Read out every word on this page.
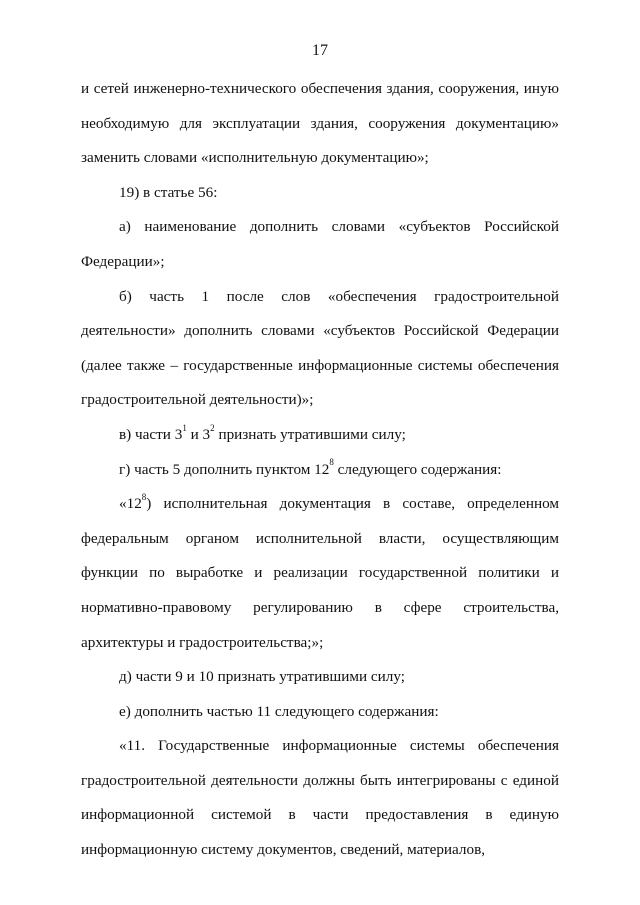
17

и сетей инженерно-технического обеспечения здания, сооружения, иную необходимую для эксплуатации здания, сооружения документацию» заменить словами «исполнительную документацию»;

19) в статье 56:

а) наименование дополнить словами «субъектов Российской Федерации»;

б) часть 1 после слов «обеспечения градостроительной деятельности» дополнить словами «субъектов Российской Федерации (далее также – государственные информационные системы обеспечения градостроительной деятельности)»;

в) части $3^1$ и $3^2$ признать утратившими силу;

г) часть 5 дополнить пунктом $12^8$ следующего содержания:

«$12^8$) исполнительная документация в составе, определенном федеральным органом исполнительной власти, осуществляющим функции по выработке и реализации государственной политики и нормативно-правовому регулированию в сфере строительства, архитектуры и градостроительства;»;

д) части 9 и 10 признать утратившими силу;

е) дополнить частью 11 следующего содержания:

«11. Государственные информационные системы обеспечения градостроительной деятельности должны быть интегрированы с единой информационной системой в части предоставления в единую информационную систему документов, сведений, материалов,
